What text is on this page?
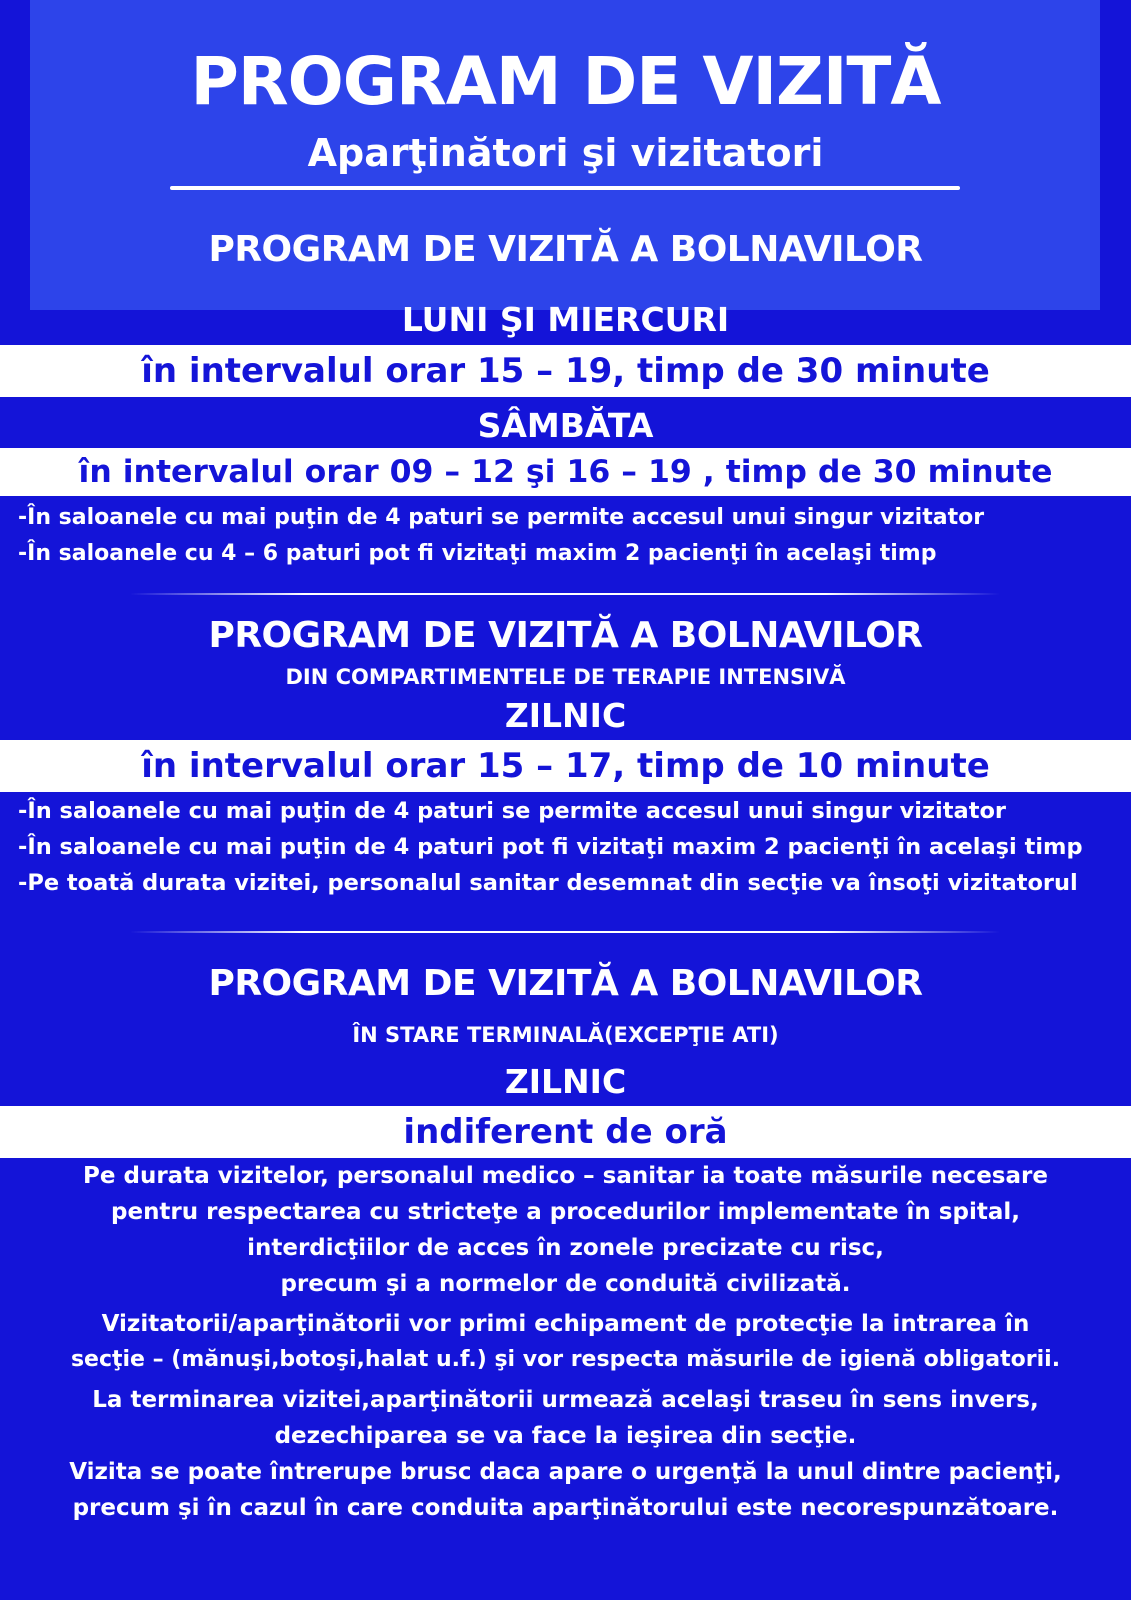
PROGRAM DE VIZITĂ
Aparţinători şi vizitatori
PROGRAM DE VIZITĂ A BOLNAVILOR
LUNI ŞI MIERCURI
în intervalul orar 15 – 19, timp de 30 minute
SÂMBĂTA
în intervalul orar 09 – 12 şi 16 – 19 , timp de 30 minute
-În saloanele cu mai puţin de 4 paturi se permite accesul unui singur vizitator
-În saloanele cu 4 – 6 paturi pot fi vizitaţi maxim 2 pacienţi în acelaşi timp
PROGRAM DE VIZITĂ A BOLNAVILOR
DIN COMPARTIMENTELE DE TERAPIE INTENSIVĂ
ZILNIC
în intervalul orar 15 – 17, timp de 10 minute
-În saloanele cu mai puţin de 4 paturi se permite accesul unui singur vizitator
-În saloanele cu mai puţin de 4 paturi pot fi vizitaţi maxim 2 pacienţi în acelaşi timp
-Pe toată durata vizitei, personalul sanitar desemnat din secţie va însoţi vizitatorul
PROGRAM DE VIZITĂ A BOLNAVILOR
ÎN STARE TERMINALĂ(EXCEPŢIE ATI)
ZILNIC
indiferent de oră
Pe durata vizitelor, personalul medico – sanitar ia toate măsurile necesare
pentru respectarea cu stricteţe a procedurilor implementate în spital,
interdicţiilor de acces în zonele precizate cu risc,
precum şi a normelor de conduită civilizată.
Vizitatorii/aparţinătorii vor primi echipament de protecţie la intrarea în
secţie – (mănuşi,botoşi,halat u.f.) şi vor respecta măsurile de igienă obligatorii.
La terminarea vizitei,aparţinătorii urmează acelaşi traseu în sens invers,
dezechiparea se va face la ieşirea din secţie.
Vizita se poate întrerupe brusc daca apare o urgenţă la unul dintre pacienţi,
precum şi în cazul în care conduita aparţinătorului este necorespunzătoare.
